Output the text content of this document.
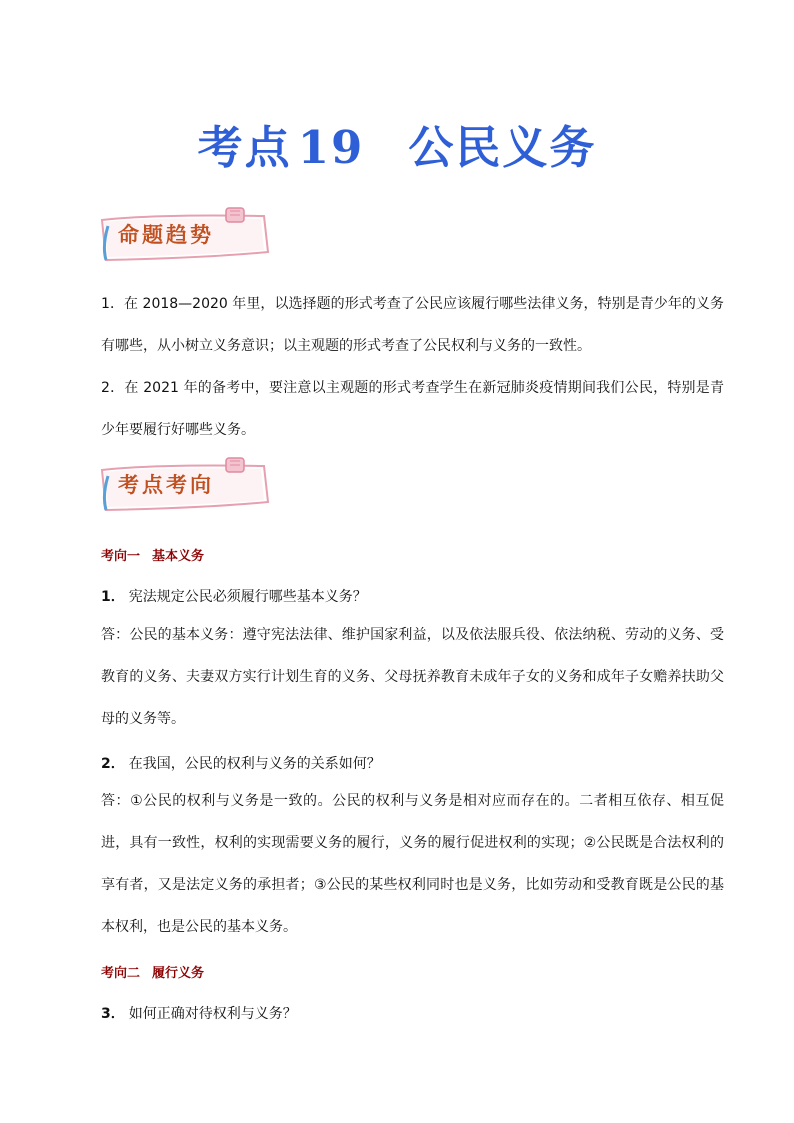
考点 19 公民义务
命题趋势
1．在 2018—2020 年里，以选择题的形式考查了公民应该履行哪些法律义务，特别是青少年的义务有哪些，从小树立义务意识；以主观题的形式考查了公民权利与义务的一致性。
2．在 2021 年的备考中，要注意以主观题的形式考查学生在新冠肺炎疫情期间我们公民，特别是青少年要履行好哪些义务。
考点考向
考向一 基本义务
1． 宪法规定公民必须履行哪些基本义务？
答：公民的基本义务：遵守宪法法律、维护国家利益，以及依法服兵役、依法纳税、劳动的义务、受教育的义务、夫妻双方实行计划生育的义务、父母抚养教育未成年子女的义务和成年子女赡养扶助父母的义务等。
2． 在我国，公民的权利与义务的关系如何？
答：①公民的权利与义务是一致的。公民的权利与义务是相对应而存在的。二者相互依存、相互促进，具有一致性，权利的实现需要义务的履行，义务的履行促进权利的实现；②公民既是合法权利的享有者，又是法定义务的承担者；③公民的某些权利同时也是义务，比如劳动和受教育既是公民的基本权利，也是公民的基本义务。
考向二 履行义务
3． 如何正确对待权利与义务？
